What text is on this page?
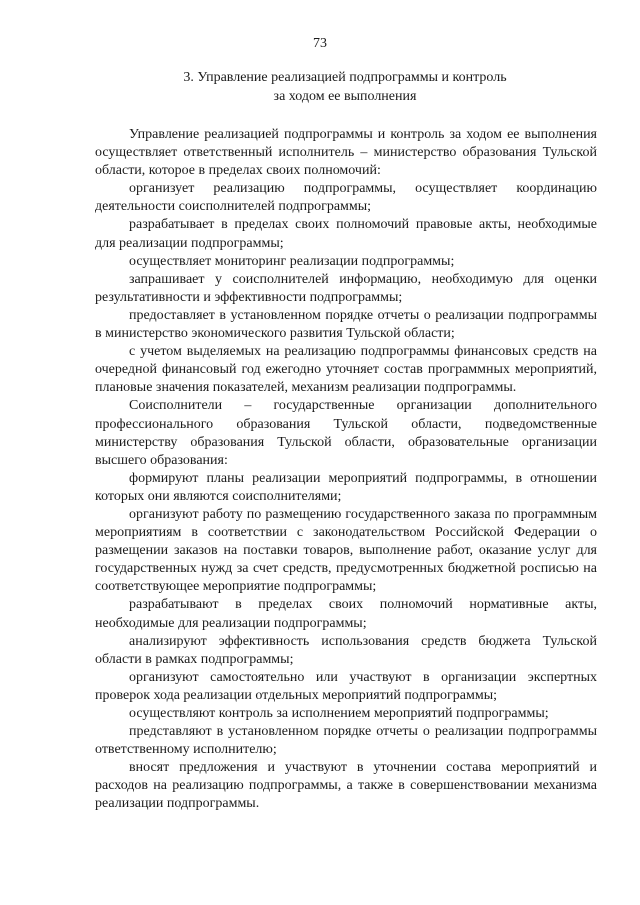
73
3. Управление реализацией подпрограммы и контроль
за ходом ее выполнения

Управление реализацией подпрограммы и контроль за ходом ее выполнения осуществляет ответственный исполнитель – министерство образования Тульской области, которое в пределах своих полномочий:

организует реализацию подпрограммы, осуществляет координацию деятельности соисполнителей подпрограммы;

разрабатывает в пределах своих полномочий правовые акты, необходимые для реализации подпрограммы;

осуществляет мониторинг реализации подпрограммы;

запрашивает у соисполнителей информацию, необходимую для оценки результативности и эффективности подпрограммы;

предоставляет в установленном порядке отчеты о реализации подпрограммы в министерство экономического развития Тульской области;

с учетом выделяемых на реализацию подпрограммы финансовых средств на очередной финансовый год ежегодно уточняет состав программных мероприятий, плановые значения показателей, механизм реализации подпрограммы.

Соисполнители – государственные организации дополнительного профессионального образования Тульской области, подведомственные министерству образования Тульской области, образовательные организации высшего образования:

формируют планы реализации мероприятий подпрограммы, в отношении которых они являются соисполнителями;

организуют работу по размещению государственного заказа по программным мероприятиям в соответствии с законодательством Российской Федерации о размещении заказов на поставки товаров, выполнение работ, оказание услуг для государственных нужд за счет средств, предусмотренных бюджетной росписью на соответствующее мероприятие подпрограммы;

разрабатывают в пределах своих полномочий нормативные акты, необходимые для реализации подпрограммы;

анализируют эффективность использования средств бюджета Тульской области в рамках подпрограммы;

организуют самостоятельно или участвуют в организации экспертных проверок хода реализации отдельных мероприятий подпрограммы;

осуществляют контроль за исполнением мероприятий подпрограммы;

представляют в установленном порядке отчеты о реализации подпрограммы ответственному исполнителю;

вносят предложения и участвуют в уточнении состава мероприятий и расходов на реализацию подпрограммы, а также в совершенствовании механизма реализации подпрограммы.
